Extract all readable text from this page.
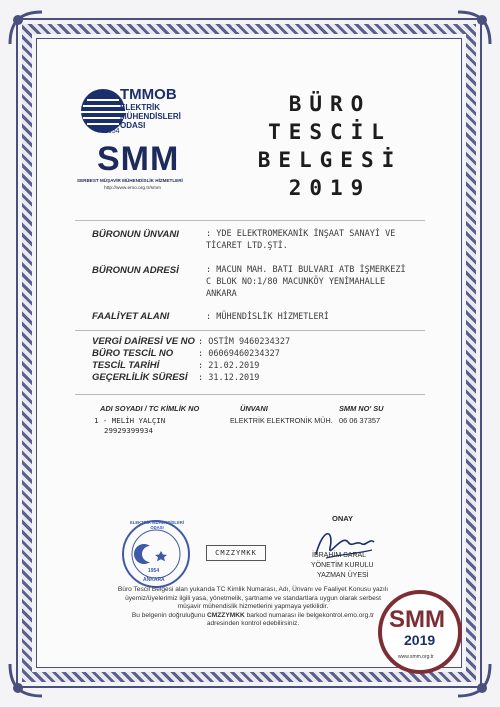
TMMOB
ELEKTRİK
MÜHENDİSLERİ
ODASI
1954
SMM
SERBEST MÜŞAVİR MÜHENDİSLİK HİZMETLERİ
http://www.emo.org.tr/smm
BÜRO
TESCİL
BELGESİ
2019
BÜRONUN ÜNVANI	: YDE ELEKTROMEKANİK İNŞAAT SANAYİ VE TİCARET LTD.ŞTİ.
BÜRONUN ADRESİ	: MACUN MAH. BATI BULVARI ATB İŞMERKEZİ C BLOK NO:1/80 MACUNKÖY YENİMAHALLE ANKARA
FAALİYET ALANI	: MÜHENDİSLİK HİZMETLERİ
VERGİ DAİRESİ VE NO : OSTİM 9460234327
BÜRO TESCİL NO	: 06069460234327
TESCİL TARİHİ	: 21.02.2019
GEÇERLİLİK SÜRESİ : 31.12.2019
ADI SOYADI / TC KİMLİK NO	ÜNVANI	SMM NO' SU
1 - MELİH YALÇIN
29929399934
ELEKTRİK ELEKTRONİK MÜH. 06 06 37357
ONAY
ELEKTRİK MÜHENDİSLERİ ODASI
1954
ANKARA
CMZZYMKK	İBRAHİM SARAL
YÖNETİM KURULU
YAZMAN ÜYESİ
Büro Tescil Belgesi alan yukarıda TC Kimlik Numarası, Adı, Ünvanı ve Faaliyet Konusu yazılı
üyemiz/üyelerimiz ilgili yasa, yönetmelik, şartname ve standartlara uygun olarak serbest
müşavir mühendislik hizmetlerini yapmaya yetkilidir.
Bu belgenin doğruluğunu CMZZYMKK barkod numarası ile belgekontrol.emo.org.tr
adresinden kontrol edebilirsiniz.	SMM
2019
www.smm.org.tr
